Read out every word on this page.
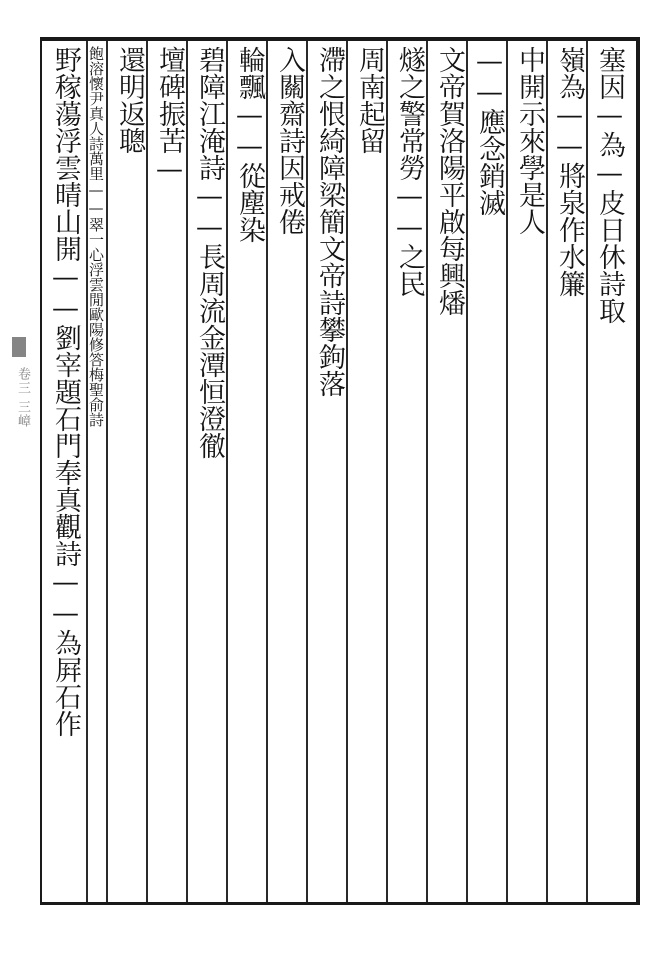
卷三 三嶂
塞因—為—皮日休詩取
嶺為——將泉作水簾
中開示來學是人
——應念銷滅
文帝賀洛陽平啟每興燔
燧之警常勞——之民
周南起留
滯之恨綺障梁簡文帝詩攀鉤落
入關齋詩因戒倦
輪飄——從塵染
碧障江淹詩——長周流金潭恒澄徹
壇碑振苦—
還明返聰
飽溶懷尹真人詩萬里——翠一心浮雲閒歐陽修答梅聖俞詩
野稼蕩浮雲晴山開——劉宰題石門奉真觀詩——為屛石作
